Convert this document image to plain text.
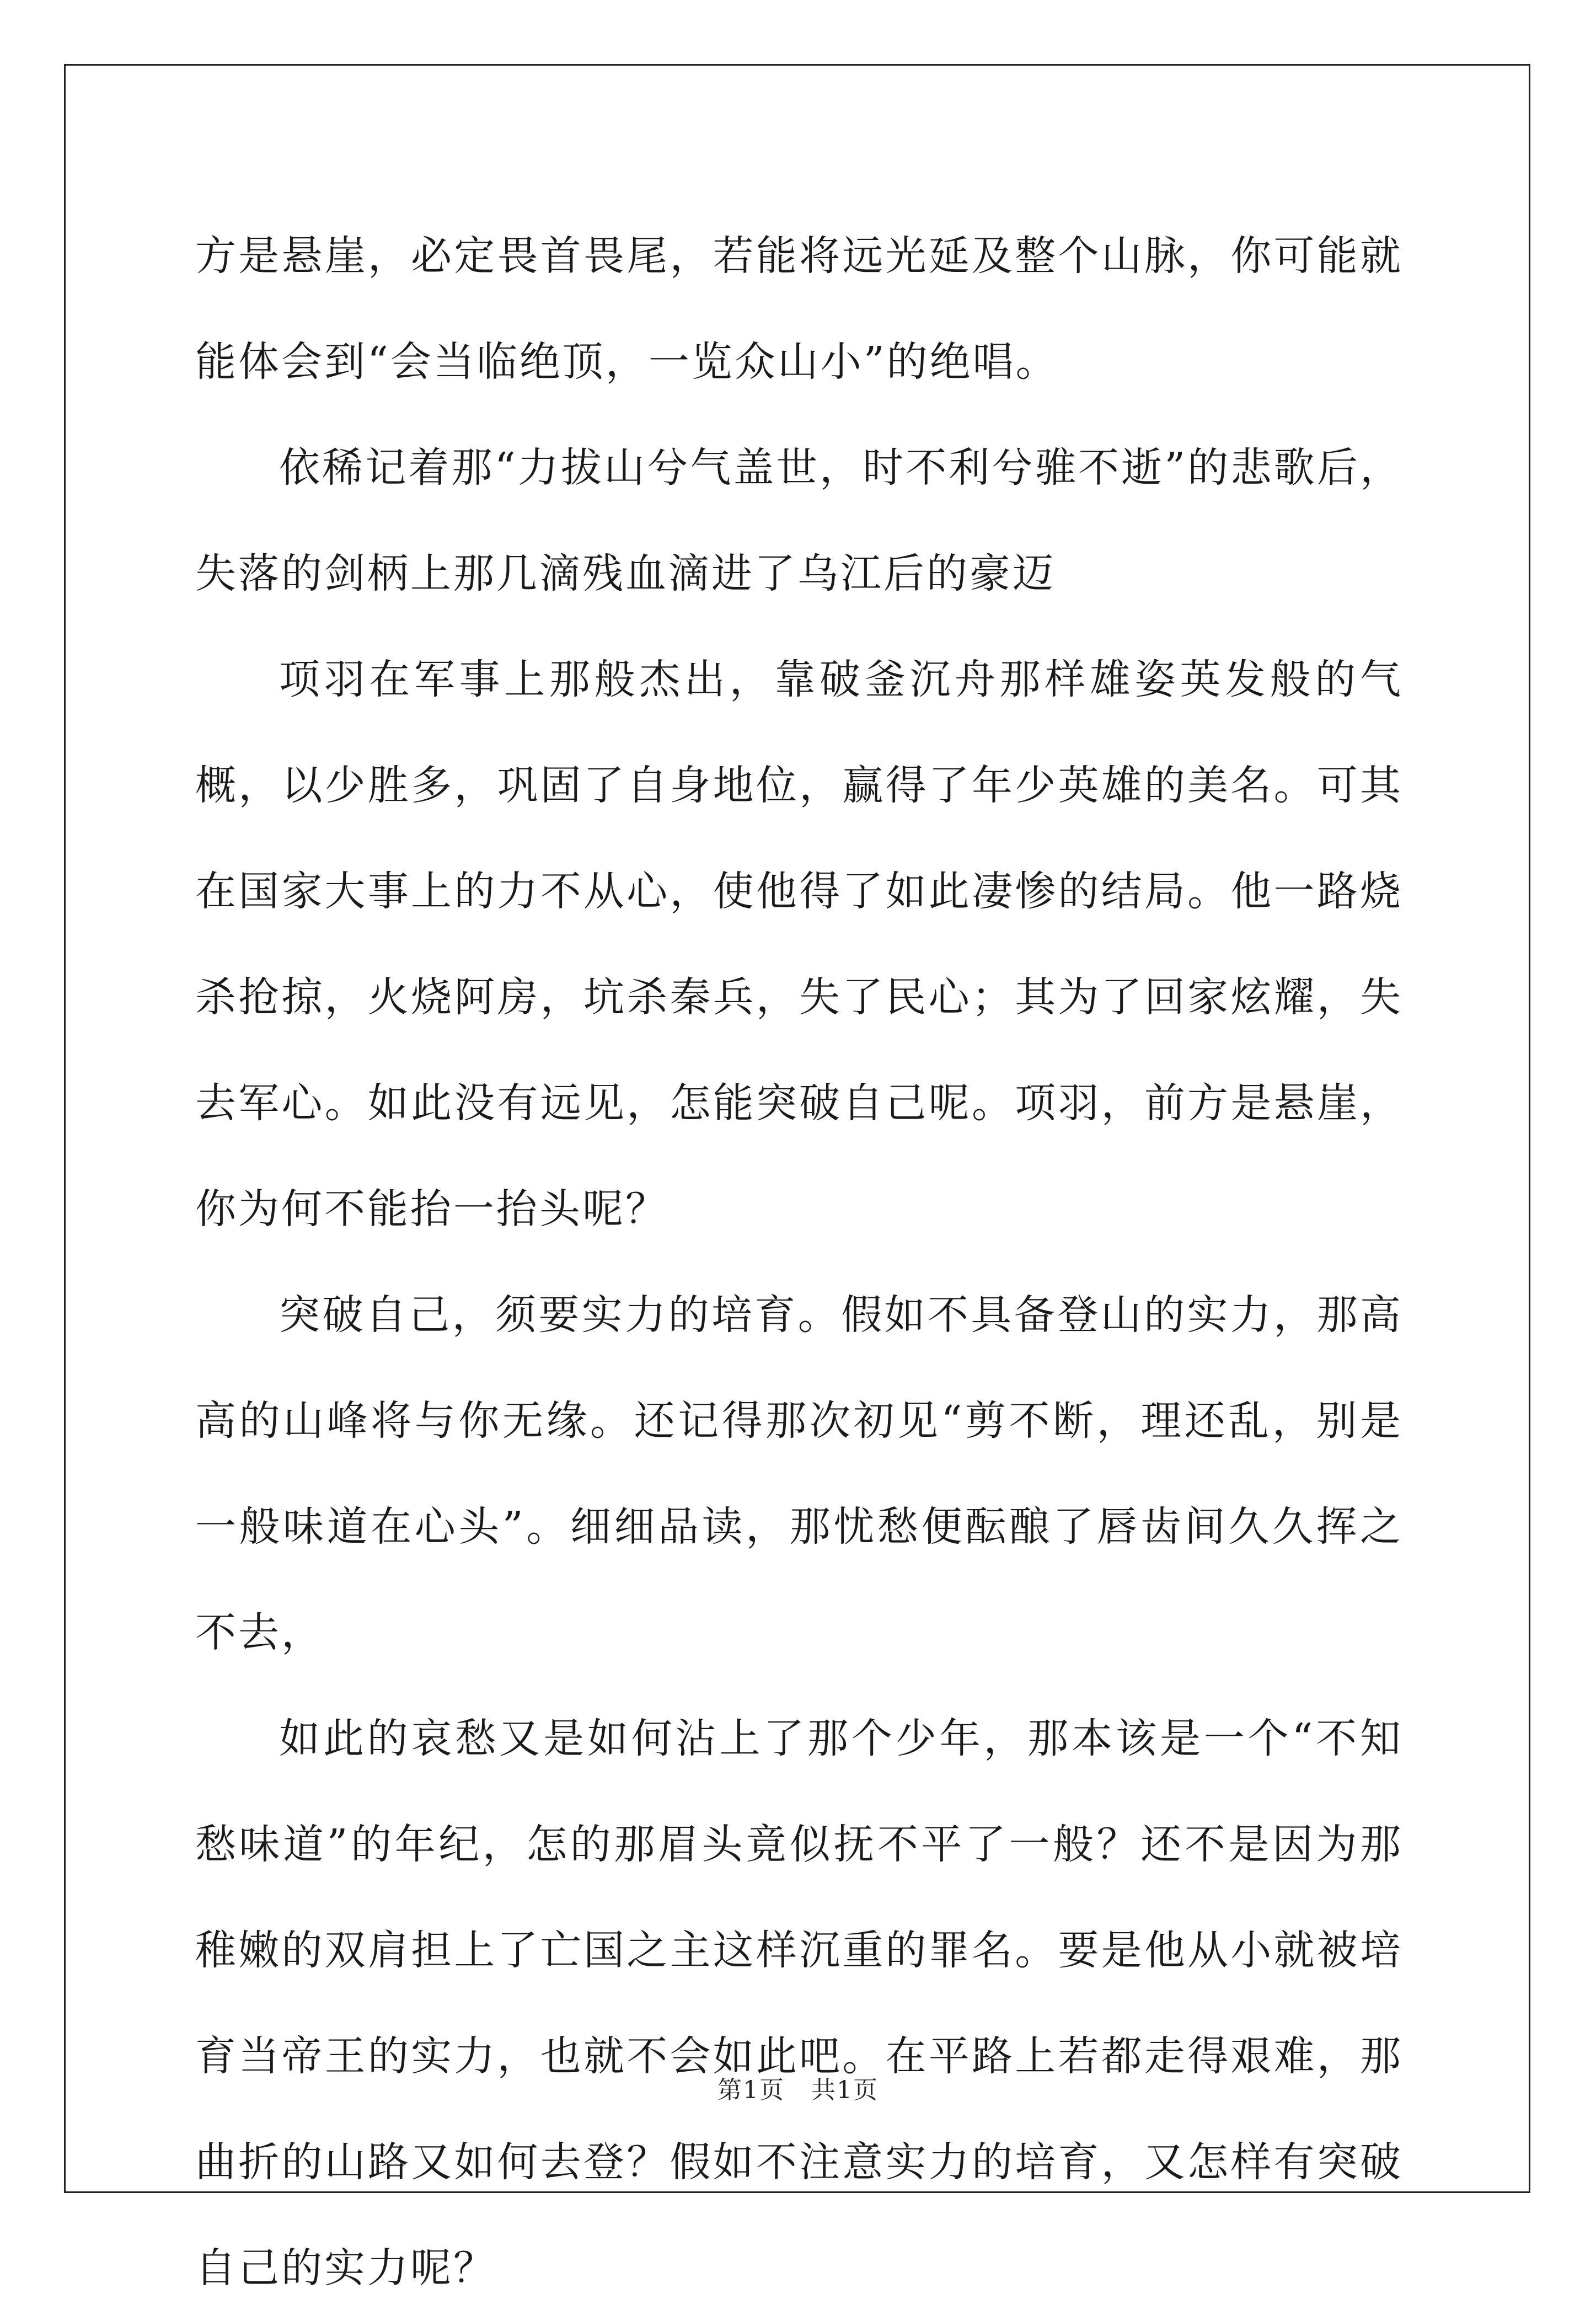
方是悬崖，必定畏首畏尾，若能将远光延及整个山脉，你可能就能体会到“会当临绝顶，一览众山小”的绝唱。

依稀记着那“力拔山兮气盖世，时不利兮骓不逝”的悲歌后，失落的剑柄上那几滴残血滴进了乌江后的豪迈

项羽在军事上那般杰出，靠破釜沉舟那样雄姿英发般的气概，以少胜多，巩固了自身地位，赢得了年少英雄的美名。可其在国家大事上的力不从心，使他得了如此凄惨的结局。他一路烧杀抢掠，火烧阿房，坑杀秦兵，失了民心；其为了回家炫耀，失去军心。如此没有远见，怎能突破自己呢。项羽，前方是悬崖，你为何不能抬一抬头呢？

突破自己，须要实力的培育。假如不具备登山的实力，那高高的山峰将与你无缘。还记得那次初见“剪不断，理还乱，别是一般味道在心头”。细细品读，那忧愁便酝酿了唇齿间久久挥之不去，

如此的哀愁又是如何沾上了那个少年，那本该是一个“不知愁味道”的年纪，怎的那眉头竟似抚不平了一般？还不是因为那稚嫩的双肩担上了亡国之主这样沉重的罪名。要是他从小就被培育当帝王的实力，也就不会如此吧。在平路上若都走得艰难，那曲折的山路又如何去登？假如不注意实力的培育，又怎样有突破自己的实力呢？

第1页 共1页
